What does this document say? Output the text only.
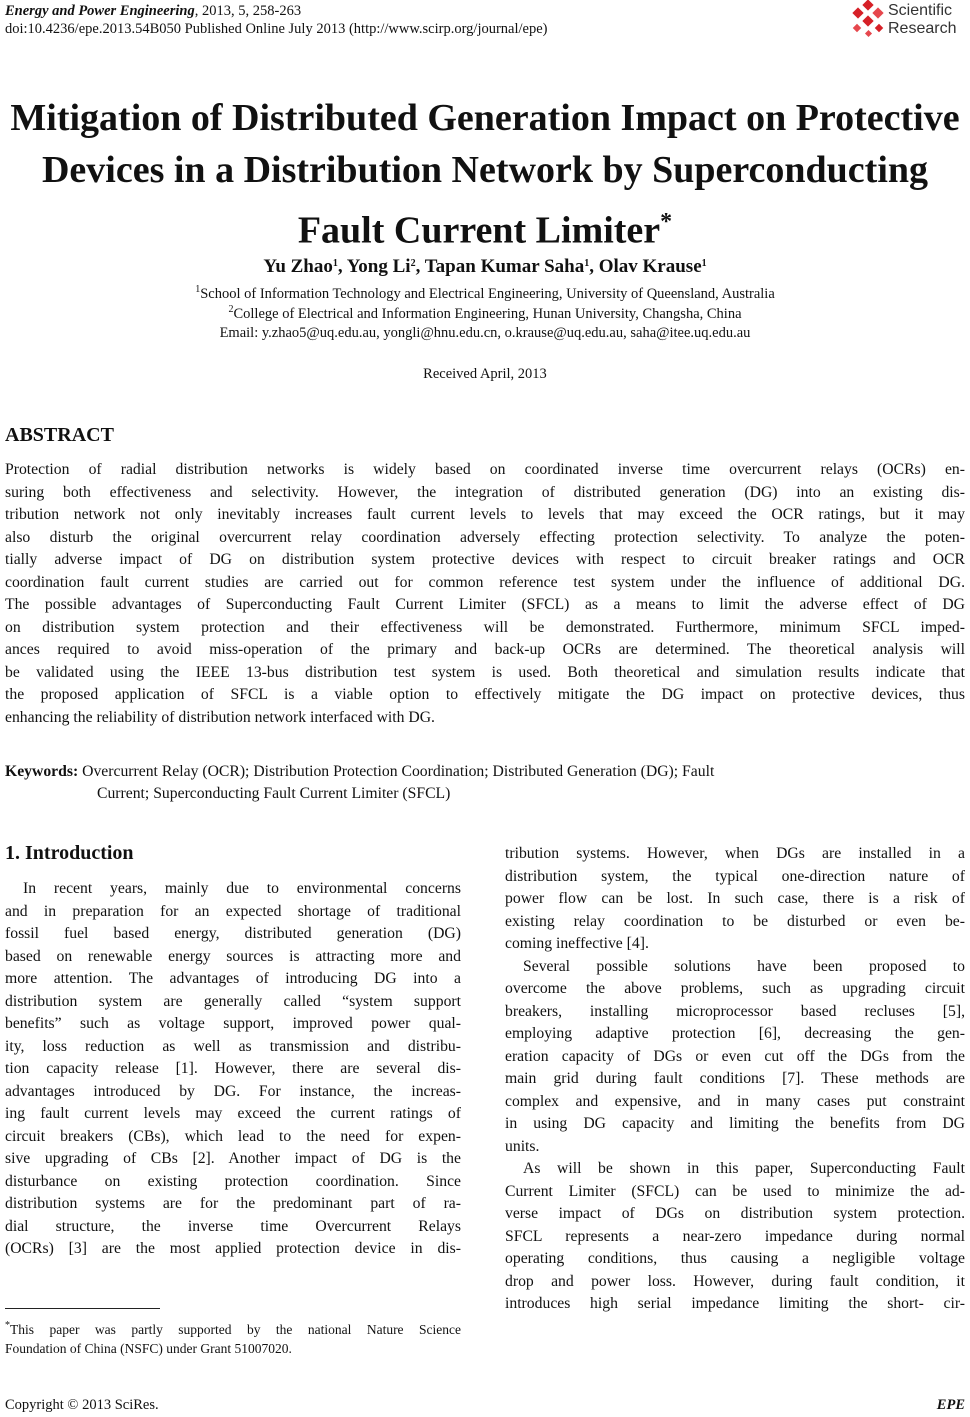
Energy and Power Engineering, 2013, 5, 258-263
doi:10.4236/epe.2013.54B050 Published Online July 2013 (http://www.scirp.org/journal/epe)
Scientific
Research
Mitigation of Distributed Generation Impact on Protective
Devices in a Distribution Network by Superconducting
Fault Current Limiter*
Yu Zhao$^1$, Yong Li$^2$, Tapan Kumar Saha$^1$, Olav Krause$^1$
$^1$School of Information Technology and Electrical Engineering, University of Queensland, Australia
$^2$College of Electrical and Information Engineering, Hunan University, Changsha, China
Email: y.zhao5@uq.edu.au, yongli@hnu.edu.cn, o.krause@uq.edu.au, saha@itee.uq.edu.au
Received April, 2013
ABSTRACT
Protection of radial distribution networks is widely based on coordinated inverse time overcurrent relays (OCRs) en-
suring both effectiveness and selectivity. However, the integration of distributed generation (DG) into an existing dis-
tribution network not only inevitably increases fault current levels to levels that may exceed the OCR ratings, but it may
also disturb the original overcurrent relay coordination adversely effecting protection selectivity. To analyze the poten-
tially adverse impact of DG on distribution system protective devices with respect to circuit breaker ratings and OCR
coordination fault current studies are carried out for common reference test system under the influence of additional DG.
The possible advantages of Superconducting Fault Current Limiter (SFCL) as a means to limit the adverse effect of DG
on distribution system protection and their effectiveness will be demonstrated. Furthermore, minimum SFCL imped-
ances required to avoid miss-operation of the primary and back-up OCRs are determined. The theoretical analysis will
be validated using the IEEE 13-bus distribution test system is used. Both theoretical and simulation results indicate that
the proposed application of SFCL is a viable option to effectively mitigate the DG impact on protective devices, thus
enhancing the reliability of distribution network interfaced with DG.
Keywords: Overcurrent Relay (OCR); Distribution Protection Coordination; Distributed Generation (DG); Fault
Current; Superconducting Fault Current Limiter (SFCL)
1. Introduction
In recent years, mainly due to environmental concerns
and in preparation for an expected shortage of traditional
fossil fuel based energy, distributed generation (DG)
based on renewable energy sources is attracting more and
more attention. The advantages of introducing DG into a
distribution system are generally called “system support
benefits” such as voltage support, improved power qual-
ity, loss reduction as well as transmission and distribu-
tion capacity release [1]. However, there are several dis-
advantages introduced by DG. For instance, the increas-
ing fault current levels may exceed the current ratings of
circuit breakers (CBs), which lead to the need for expen-
sive upgrading of CBs [2]. Another impact of DG is the
disturbance on existing protection coordination. Since
distribution systems are for the predominant part of ra-
dial structure, the inverse time Overcurrent Relays
(OCRs) [3] are the most applied protection device in dis-
tribution systems. However, when DGs are installed in a
distribution system, the typical one-direction nature of
power flow can be lost. In such case, there is a risk of
existing relay coordination to be disturbed or even be-
coming ineffective [4].
Several possible solutions have been proposed to
overcome the above problems, such as upgrading circuit
breakers, installing microprocessor based recluses [5],
employing adaptive protection [6], decreasing the gen-
eration capacity of DGs or even cut off the DGs from the
main grid during fault conditions [7]. These methods are
complex and expensive, and in many cases put constraint
in using DG capacity and limiting the benefits from DG
units.
As will be shown in this paper, Superconducting Fault
Current Limiter (SFCL) can be used to minimize the ad-
verse impact of DGs on distribution system protection.
SFCL represents a near-zero impedance during normal
operating conditions, thus causing a negligible voltage
drop and power loss. However, during fault condition, it
introduces high serial impedance limiting the short- cir-
*This paper was partly supported by the national Nature Science
Foundation of China (NSFC) under Grant 51007020.
Copyright © 2013 SciRes.	EPE
